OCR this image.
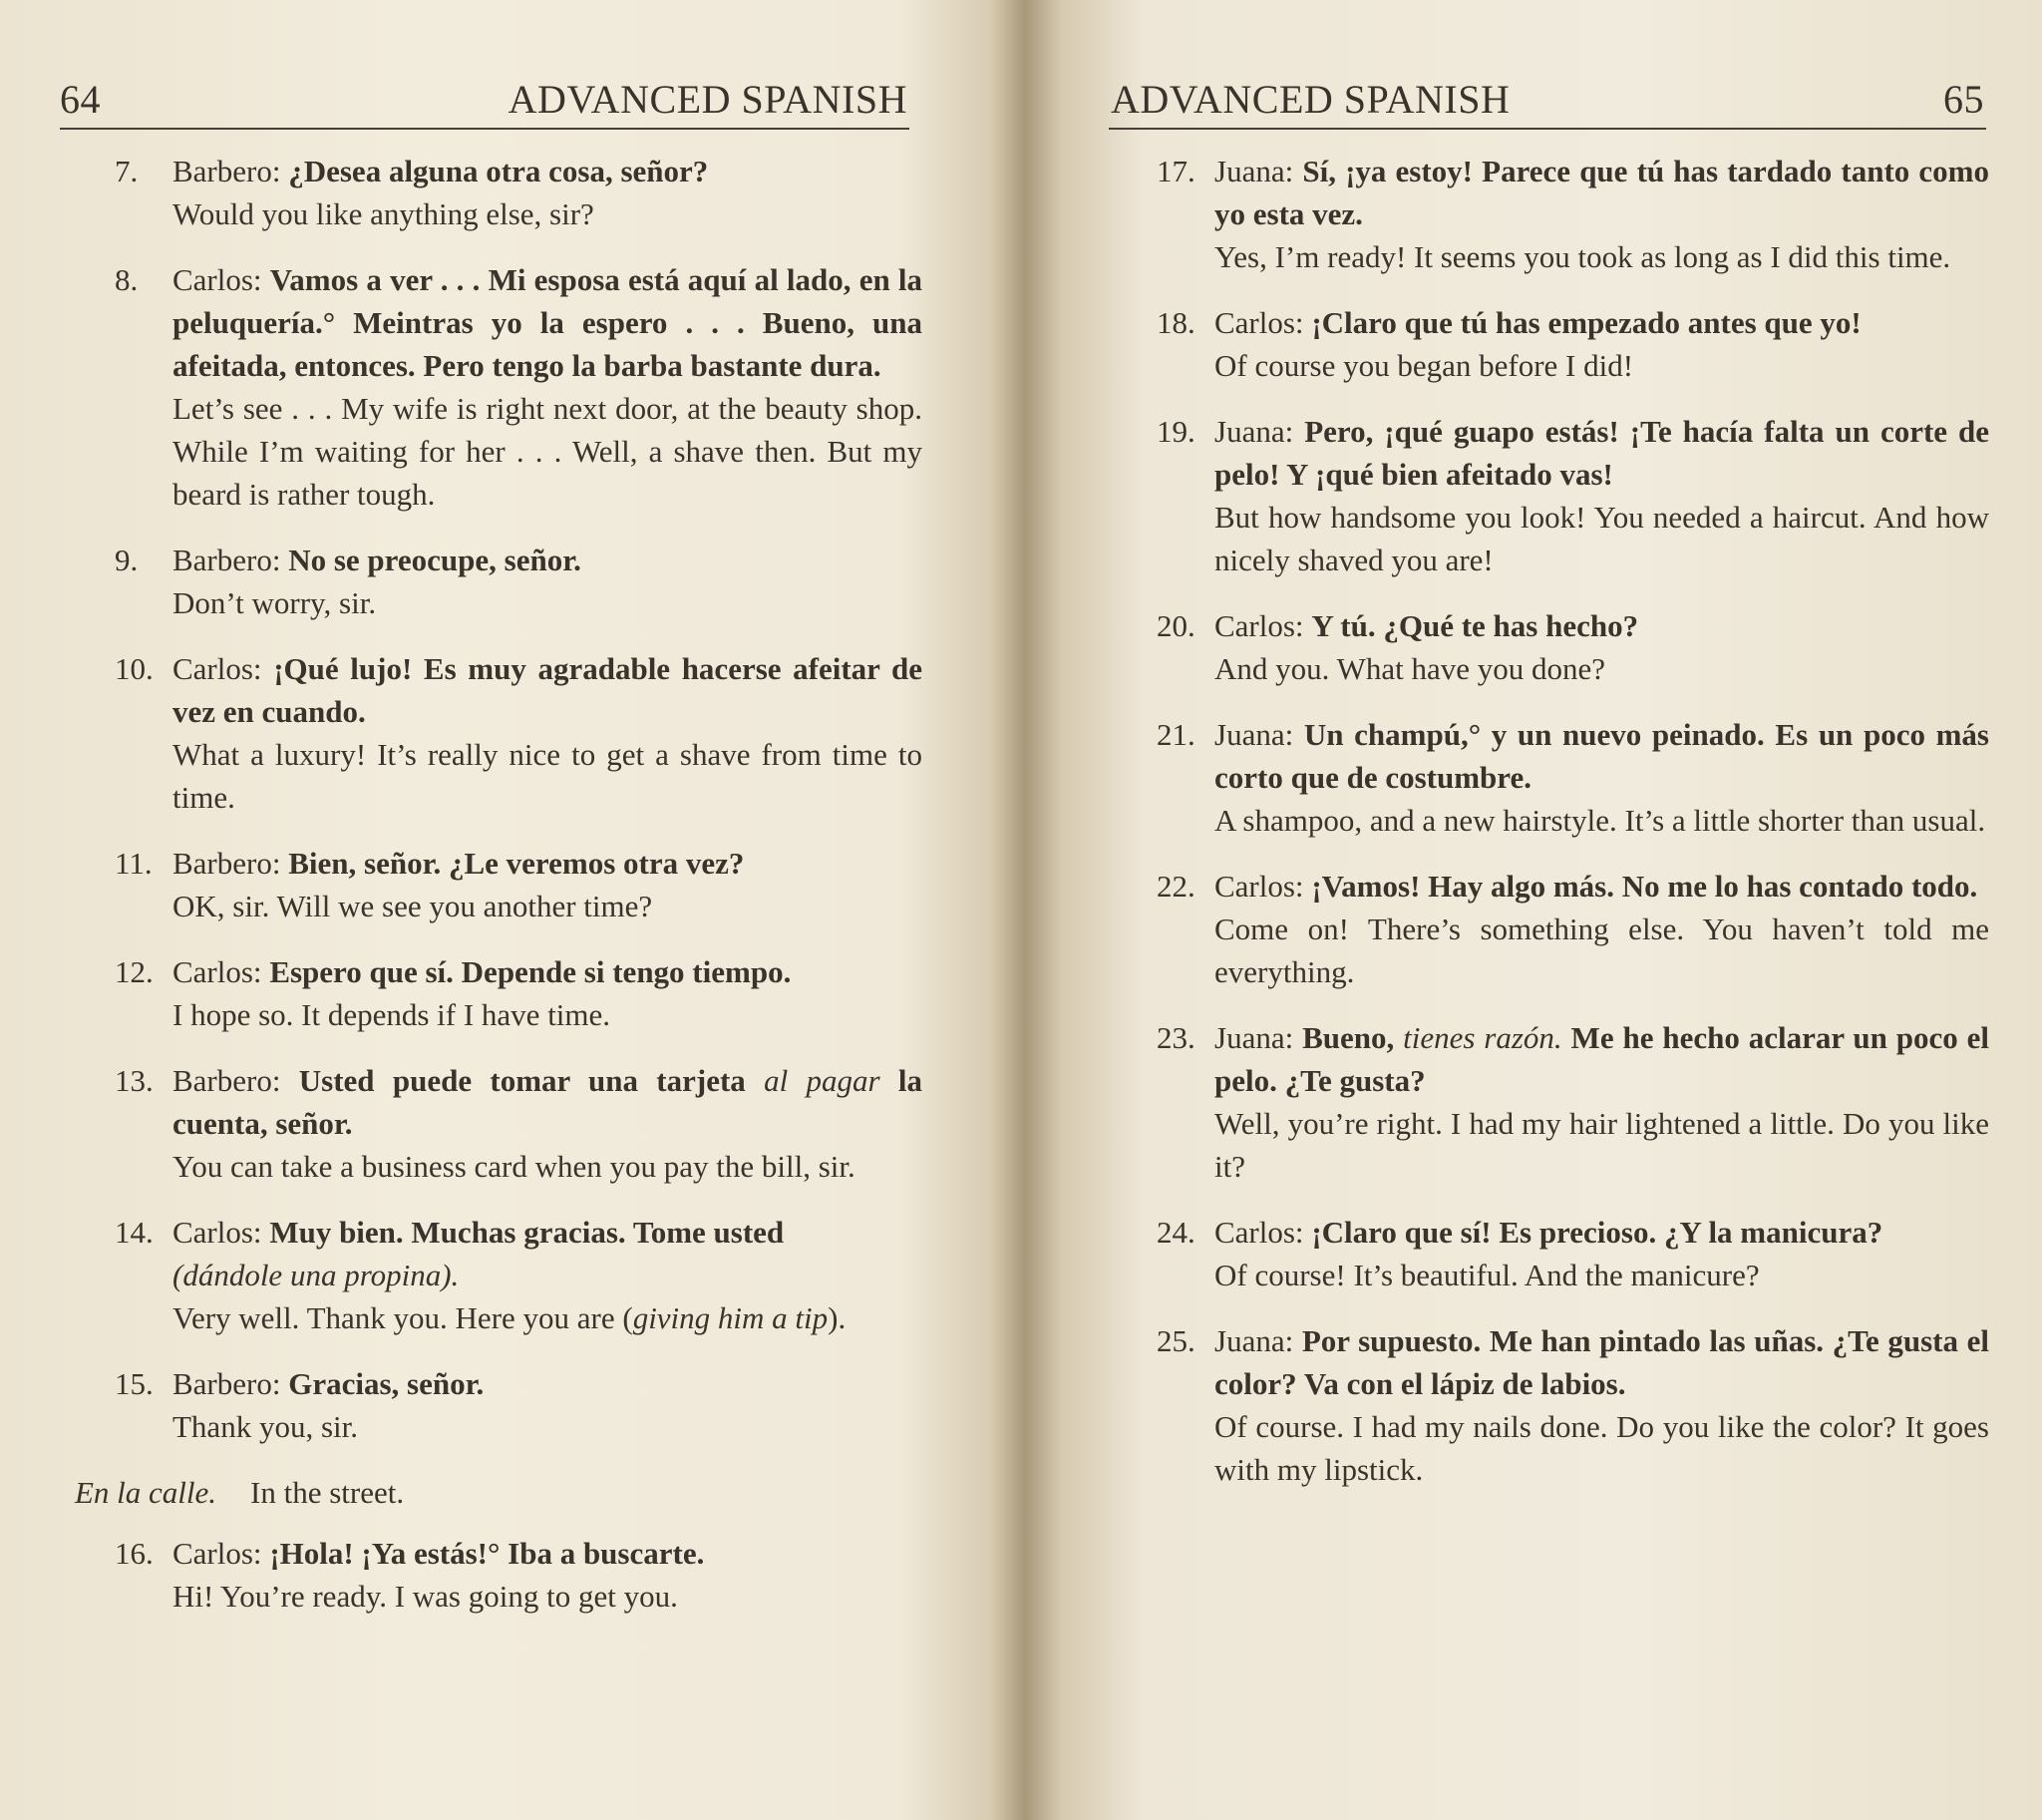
64	ADVANCED SPANISH
7. Barbero: ¿Desea alguna otra cosa, señor?
Would you like anything else, sir?
8. Carlos: Vamos a ver . . . Mi esposa está aquí al lado, en la peluquería.° Meintras yo la espero . . . Bueno, una afeitada, entonces. Pero tengo la barba bastante dura.
Let’s see . . . My wife is right next door, at the beauty shop. While I’m waiting for her . . . Well, a shave then. But my beard is rather tough.
9. Barbero: No se preocupe, señor.
Don’t worry, sir.
10. Carlos: ¡Qué lujo! Es muy agradable hacerse afeitar de vez en cuando.
What a luxury! It’s really nice to get a shave from time to time.
11. Barbero: Bien, señor. ¿Le veremos otra vez?
OK, sir. Will we see you another time?
12. Carlos: Espero que sí. Depende si tengo tiempo.
I hope so. It depends if I have time.
13. Barbero: Usted puede tomar una tarjeta al pagar la cuenta, señor.
You can take a business card when you pay the bill, sir.
14. Carlos: Muy bien. Muchas gracias. Tome usted
(dándole una propina).
Very well. Thank you. Here you are (giving him a tip).
15. Barbero: Gracias, señor.
Thank you, sir.
En la calle. In the street.
16. Carlos: ¡Hola! ¡Ya estás!° Iba a buscarte.
Hi! You’re ready. I was going to get you.
ADVANCED SPANISH	65
17. Juana: Sí, ¡ya estoy! Parece que tú has tardado tanto como yo esta vez.
Yes, I’m ready! It seems you took as long as I did this time.
18. Carlos: ¡Claro que tú has empezado antes que yo!
Of course you began before I did!
19. Juana: Pero, ¡qué guapo estás! ¡Te hacía falta un corte de pelo! Y ¡qué bien afeitado vas!
But how handsome you look! You needed a haircut. And how nicely shaved you are!
20. Carlos: Y tú. ¿Qué te has hecho?
And you. What have you done?
21. Juana: Un champú,° y un nuevo peinado. Es un poco más corto que de costumbre.
A shampoo, and a new hairstyle. It’s a little shorter than usual.
22. Carlos: ¡Vamos! Hay algo más. No me lo has contado todo.
Come on! There’s something else. You haven’t told me everything.
23. Juana: Bueno, tienes razón. Me he hecho aclarar un poco el pelo. ¿Te gusta?
Well, you’re right. I had my hair lightened a little. Do you like it?
24. Carlos: ¡Claro que sí! Es precioso. ¿Y la manicura?
Of course! It’s beautiful. And the manicure?
25. Juana: Por supuesto. Me han pintado las uñas. ¿Te gusta el color? Va con el lápiz de labios.
Of course. I had my nails done. Do you like the color? It goes with my lipstick.
